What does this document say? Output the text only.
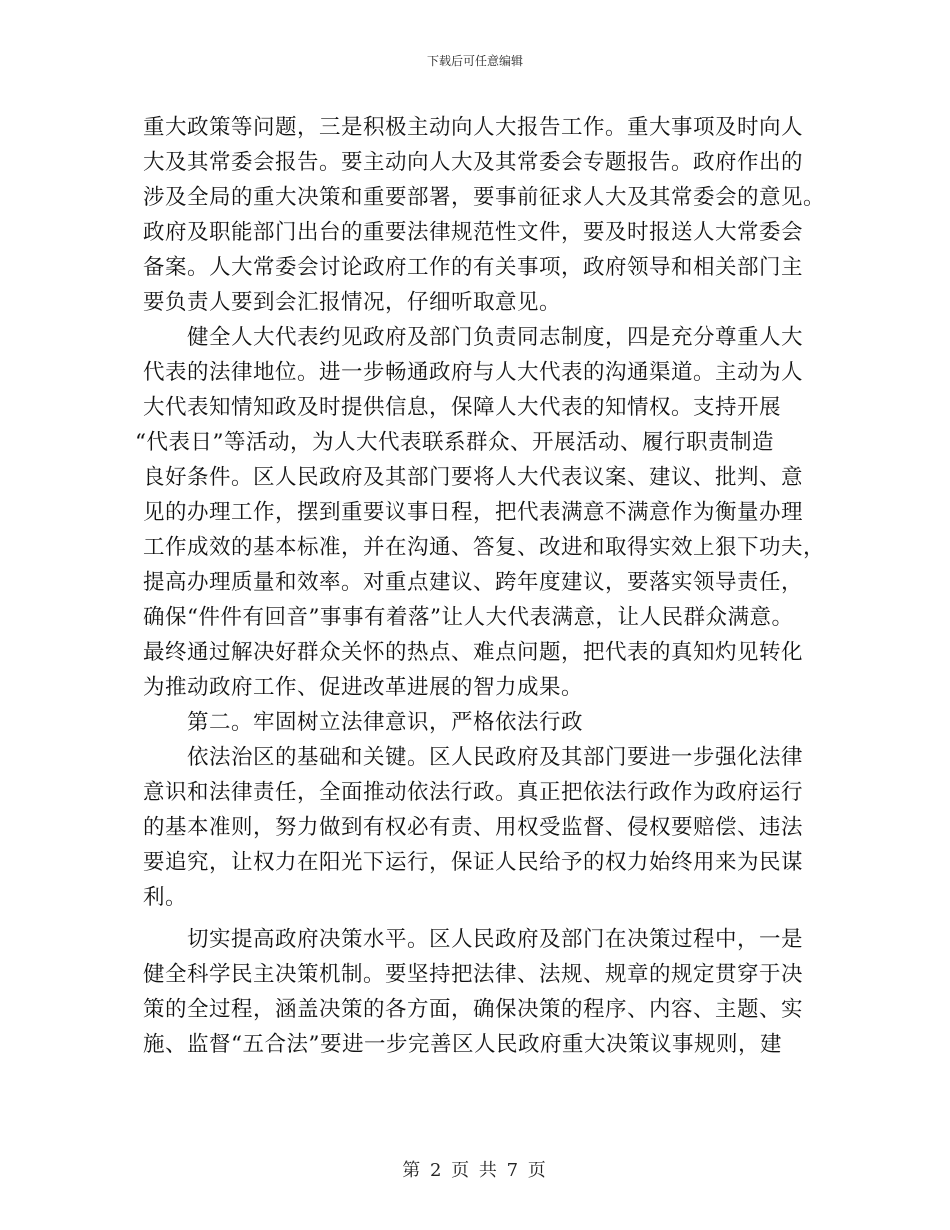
下载后可任意编辑
重大政策等问题，三是积极主动向人大报告工作。重大事项及时向人
大及其常委会报告。要主动向人大及其常委会专题报告。政府作出的
涉及全局的重大决策和重要部署，要事前征求人大及其常委会的意见。
政府及职能部门出台的重要法律规范性文件，要及时报送人大常委会
备案。人大常委会讨论政府工作的有关事项，政府领导和相关部门主
要负责人要到会汇报情况，仔细听取意见。
健全人大代表约见政府及部门负责同志制度，四是充分尊重人大
代表的法律地位。进一步畅通政府与人大代表的沟通渠道。主动为人
大代表知情知政及时提供信息，保障人大代表的知情权。支持开展
“代表日”等活动，为人大代表联系群众、开展活动、履行职责制造
良好条件。区人民政府及其部门要将人大代表议案、建议、批判、意
见的办理工作，摆到重要议事日程，把代表满意不满意作为衡量办理
工作成效的基本标准，并在沟通、答复、改进和取得实效上狠下功夫，
提高办理质量和效率。对重点建议、跨年度建议，要落实领导责任，
确保“件件有回音”事事有着落”让人大代表满意，让人民群众满意。
最终通过解决好群众关怀的热点、难点问题，把代表的真知灼见转化
为推动政府工作、促进改革进展的智力成果。
第二。牢固树立法律意识，严格依法行政
依法治区的基础和关键。区人民政府及其部门要进一步强化法律
意识和法律责任，全面推动依法行政。真正把依法行政作为政府运行
的基本准则，努力做到有权必有责、用权受监督、侵权要赔偿、违法
要追究，让权力在阳光下运行，保证人民给予的权力始终用来为民谋
利。
切实提高政府决策水平。区人民政府及部门在决策过程中，一是
健全科学民主决策机制。要坚持把法律、法规、规章的规定贯穿于决
策的全过程，涵盖决策的各方面，确保决策的程序、内容、主题、实
施、监督“五合法”要进一步完善区人民政府重大决策议事规则，建
第 2 页 共 7 页
